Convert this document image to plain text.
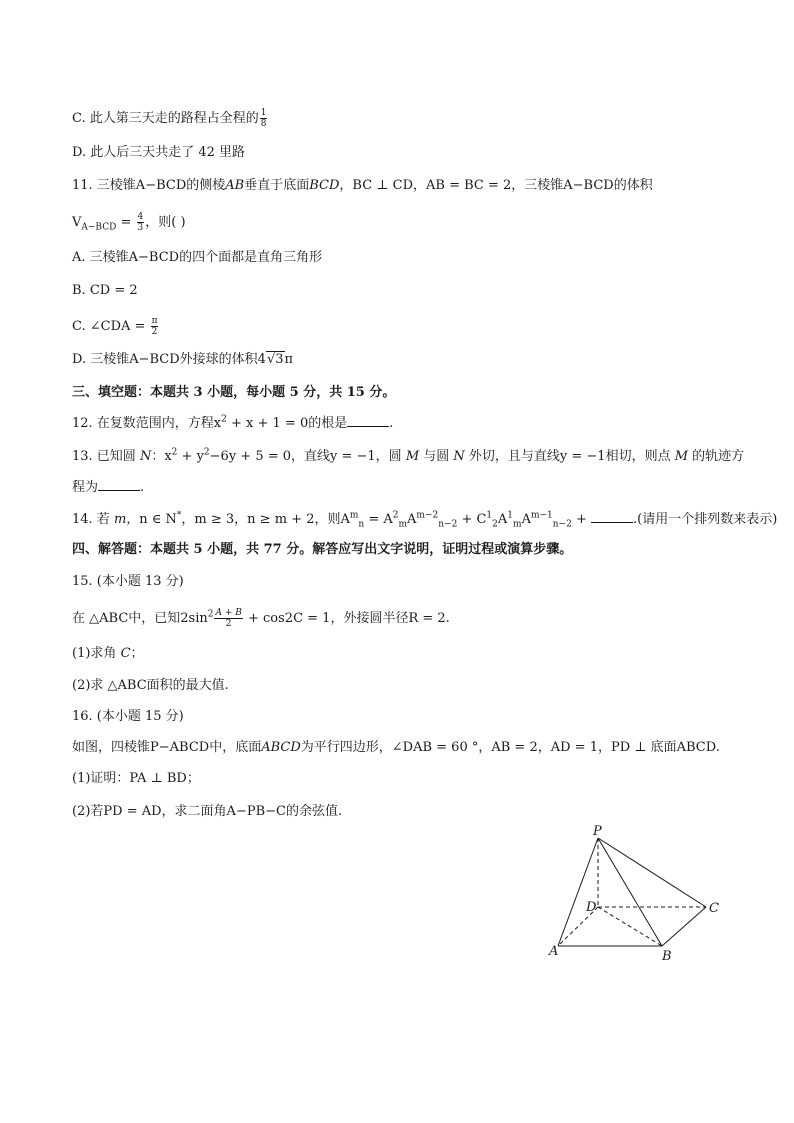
C. 此人第三天走的路程占全程的 $\frac{1}{8}$
D. 此人后三天共走了 42 里路
11. 三棱锥A−BCD的侧棱AB垂直于底面BCD，BC ⊥ CD，AB = BC = 2，三棱锥A−BCD的体积
$V_{A-BCD} = \frac{4}{3}$ ，则( )
A. 三棱锥A−BCD的四个面都是直角三角形
B. CD = 2
C. ∠CDA = $\frac{\pi}{2}$
D. 三棱锥A−BCD外接球的体积4√3π
三、填空题：本题共 3 小题，每小题 5 分，共 15 分。
12. 在复数范围内，方程$x^2 + x + 1 = 0$的根是	.
13. 已知圆 N：$x^2 + y^2-6y + 5 = 0$，直线y = −1，圆 M 与圆 N 外切，且与直线y = −1相切，则点 M 的轨迹方
程为	.
14. 若 m，n ∈ N*，m ≥ 3，n ≥ m + 2，则$A^m_n = A^2_mA^{m-2}_{n-2} + C^1_2A^1_mA^{m-1}_{n-2}$ +	.(请用一个排列数来表示)
四、解答题：本题共 5 小题，共 77 分。解答应写出文字说明，证明过程或演算步骤。
15. (本小题 13 分)
在 △ABC中，已知$2\sin^2 \frac{A + B}{2} + \cos 2C = 1$，外接圆半径R = 2.
(1)求角 C；
(2)求 △ABC面积的最大值.
16. (本小题 15 分)
如图，四棱锥P−ABCD中，底面ABCD为平行四边形，∠DAB = 60 °，AB = 2，AD = 1，PD ⊥ 底面ABCD.
(1)证明：PA ⊥ BD；
(2)若PD = AD，求二面角A−PB−C的余弦值.
P
D	C
A	B
